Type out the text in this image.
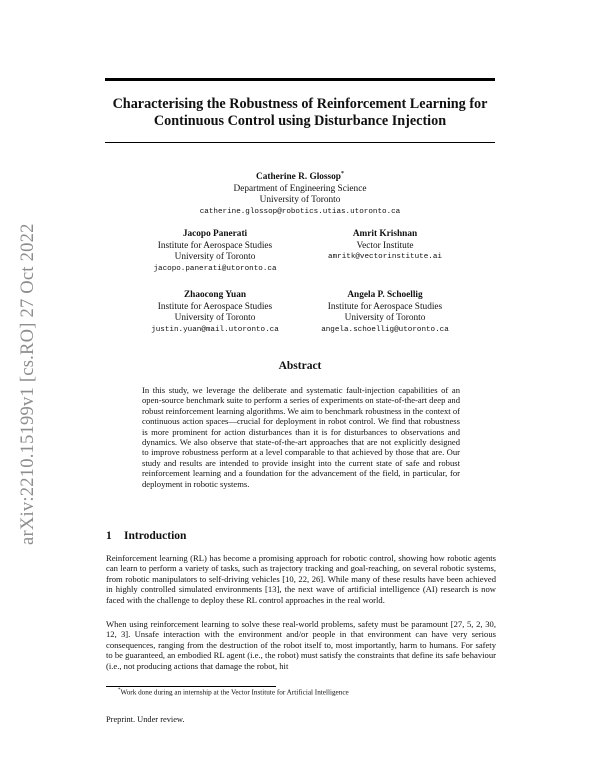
arXiv:2210.15199v1 [cs.RO] 27 Oct 2022
Characterising the Robustness of Reinforcement Learning for
Continuous Control using Disturbance Injection
Catherine R. Glossop*
Department of Engineering Science
University of Toronto
catherine.glossop@robotics.utias.utoronto.ca
Jacopo Panerati
Institute for Aerospace Studies
University of Toronto
jacopo.panerati@utoronto.ca
Amrit Krishnan
Vector Institute
amritk@vectorinstitute.ai
Zhaocong Yuan
Institute for Aerospace Studies
University of Toronto
justin.yuan@mail.utoronto.ca
Angela P. Schoellig
Institute for Aerospace Studies
University of Toronto
angela.schoellig@utoronto.ca
Abstract
In this study, we leverage the deliberate and systematic fault-injection capabilities of an open-source benchmark suite to perform a series of experiments on state-of-the-art deep and robust reinforcement learning algorithms. We aim to benchmark robustness in the context of continuous action spaces—crucial for deployment in robot control. We find that robustness is more prominent for action disturbances than it is for disturbances to observations and dynamics. We also observe that state-of-the-art approaches that are not explicitly designed to improve robustness perform at a level comparable to that achieved by those that are. Our study and results are intended to provide insight into the current state of safe and robust reinforcement learning and a foundation for the advancement of the field, in particular, for deployment in robotic systems.
1 Introduction
Reinforcement learning (RL) has become a promising approach for robotic control, showing how robotic agents can learn to perform a variety of tasks, such as trajectory tracking and goal-reaching, on several robotic systems, from robotic manipulators to self-driving vehicles [10, 22, 26]. While many of these results have been achieved in highly controlled simulated environments [13], the next wave of artificial intelligence (AI) research is now faced with the challenge to deploy these RL control approaches in the real world.
When using reinforcement learning to solve these real-world problems, safety must be paramount [27, 5, 2, 30, 12, 3]. Unsafe interaction with the environment and/or people in that environment can have very serious consequences, ranging from the destruction of the robot itself to, most importantly, harm to humans. For safety to be guaranteed, an embodied RL agent (i.e., the robot) must satisfy the constraints that define its safe behaviour (i.e., not producing actions that damage the robot, hit
*Work done during an internship at the Vector Institute for Artificial Intelligence
Preprint. Under review.
